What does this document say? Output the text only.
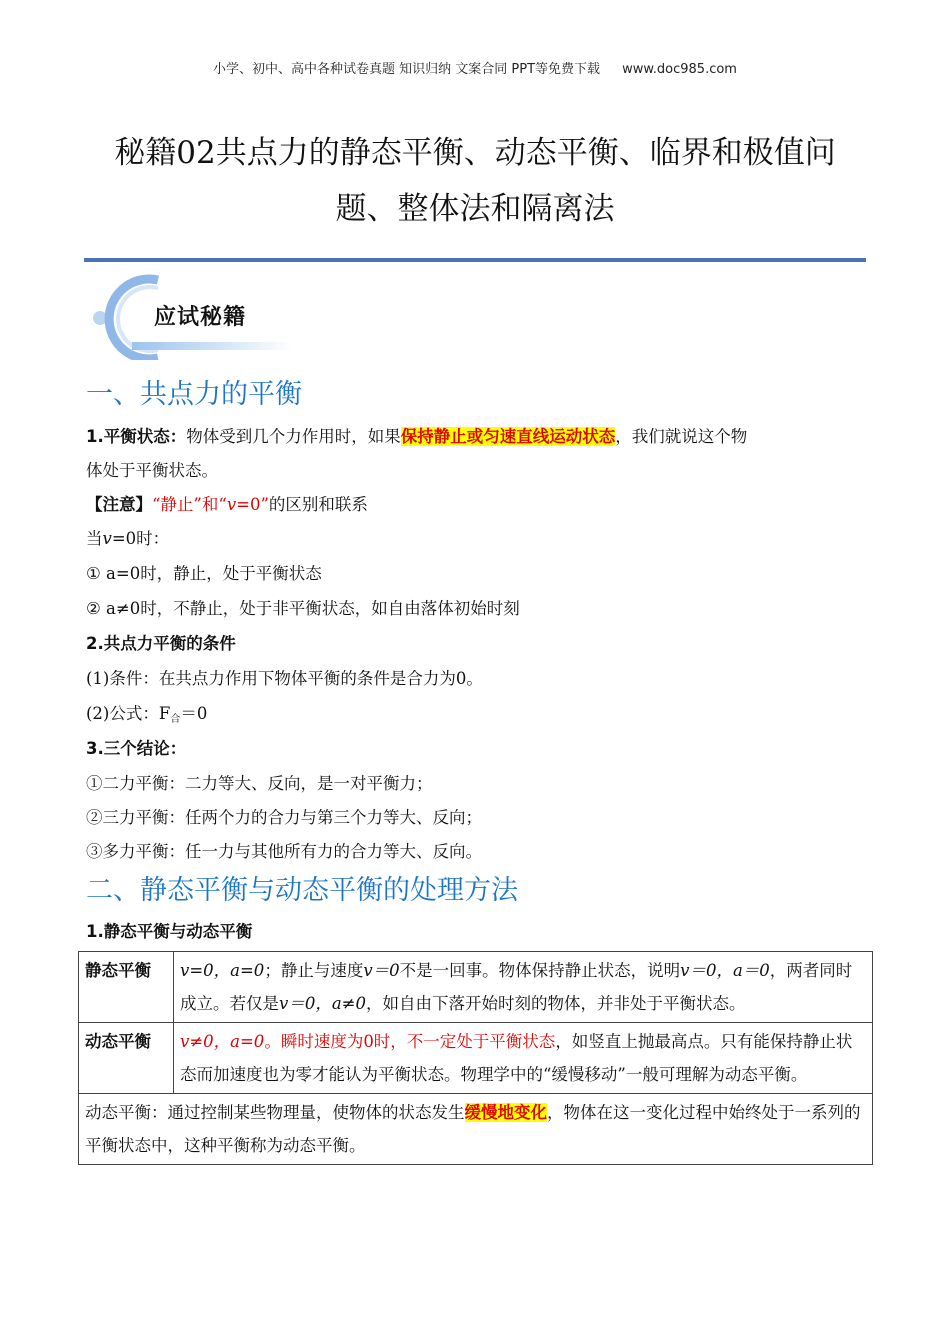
小学、初中、高中各种试卷真题 知识归纳 文案合同 PPT等免费下载 www.doc985.com
秘籍02共点力的静态平衡、动态平衡、临界和极值问
题、整体法和隔离法
应试秘籍
一、共点力的平衡
1.平衡状态：物体受到几个力作用时，如果保持静止或匀速直线运动状态，我们就说这个物
体处于平衡状态。
【注意】“静止”和“v=0”的区别和联系
当v=0时：
① a=0时，静止，处于平衡状态
② a≠0时，不静止，处于非平衡状态，如自由落体初始时刻
2.共点力平衡的条件
(1)条件：在共点力作用下物体平衡的条件是合力为0。
(2)公式：$F_合=0$
3.三个结论：
①二力平衡：二力等大、反向，是一对平衡力；
②三力平衡：任两个力的合力与第三个力等大、反向；
③多力平衡：任一力与其他所有力的合力等大、反向。
二、静态平衡与动态平衡的处理方法
1.静态平衡与动态平衡
静态平衡	v=0，a=0；静止与速度v＝0不是一回事。物体保持静止状态，说明v＝0，a＝0，两者同时成立。若仅是v＝0，a≠0，如自由下落开始时刻的物体，并非处于平衡状态。
动态平衡	v≠0，a=0。瞬时速度为0时，不一定处于平衡状态，如竖直上抛最高点。只有能保持静止状态而加速度也为零才能认为平衡状态。物理学中的“缓慢移动”一般可理解为动态平衡。
动态平衡：通过控制某些物理量，使物体的状态发生缓慢地变化，物体在这一变化过程中始终处于一系列的平衡状态中，这种平衡称为动态平衡。	
